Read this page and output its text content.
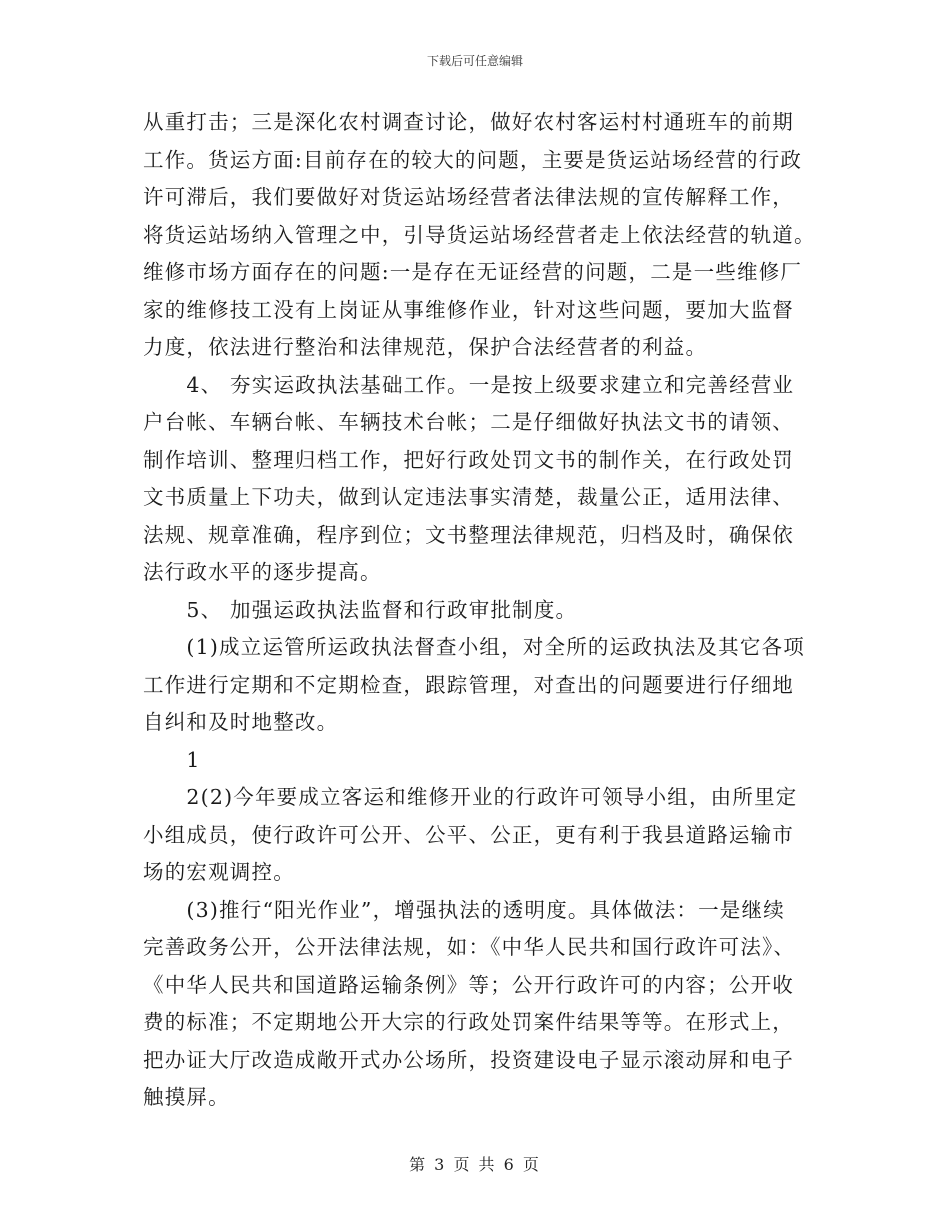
下载后可任意编辑
从重打击；三是深化农村调查讨论，做好农村客运村村通班车的前期
工作。货运方面:目前存在的较大的问题，主要是货运站场经营的行政
许可滞后，我们要做好对货运站场经营者法律法规的宣传解释工作，
将货运站场纳入管理之中，引导货运站场经营者走上依法经营的轨道。
维修市场方面存在的问题:一是存在无证经营的问题，二是一些维修厂
家的维修技工没有上岗证从事维修作业，针对这些问题，要加大监督
力度，依法进行整治和法律规范，保护合法经营者的利益。
　　4、 夯实运政执法基础工作。一是按上级要求建立和完善经营业
户台帐、车辆台帐、车辆技术台帐；二是仔细做好执法文书的请领、
制作培训、整理归档工作，把好行政处罚文书的制作关，在行政处罚
文书质量上下功夫，做到认定违法事实清楚，裁量公正，适用法律、
法规、规章准确，程序到位；文书整理法律规范，归档及时，确保依
法行政水平的逐步提高。
　　5、 加强运政执法监督和行政审批制度。
　　(1)成立运管所运政执法督查小组，对全所的运政执法及其它各项
工作进行定期和不定期检查，跟踪管理，对查出的问题要进行仔细地
自纠和及时地整改。
　　1
　　2(2)今年要成立客运和维修开业的行政许可领导小组，由所里定
小组成员，使行政许可公开、公平、公正，更有利于我县道路运输市
场的宏观调控。
　　(3)推行“阳光作业”，增强执法的透明度。具体做法：一是继续
完善政务公开，公开法律法规，如：《中华人民共和国行政许可法》、
《中华人民共和国道路运输条例》等；公开行政许可的内容；公开收
费的标准；不定期地公开大宗的行政处罚案件结果等等。在形式上，
把办证大厅改造成敞开式办公场所，投资建设电子显示滚动屏和电子
触摸屏。
第 3 页 共 6 页
